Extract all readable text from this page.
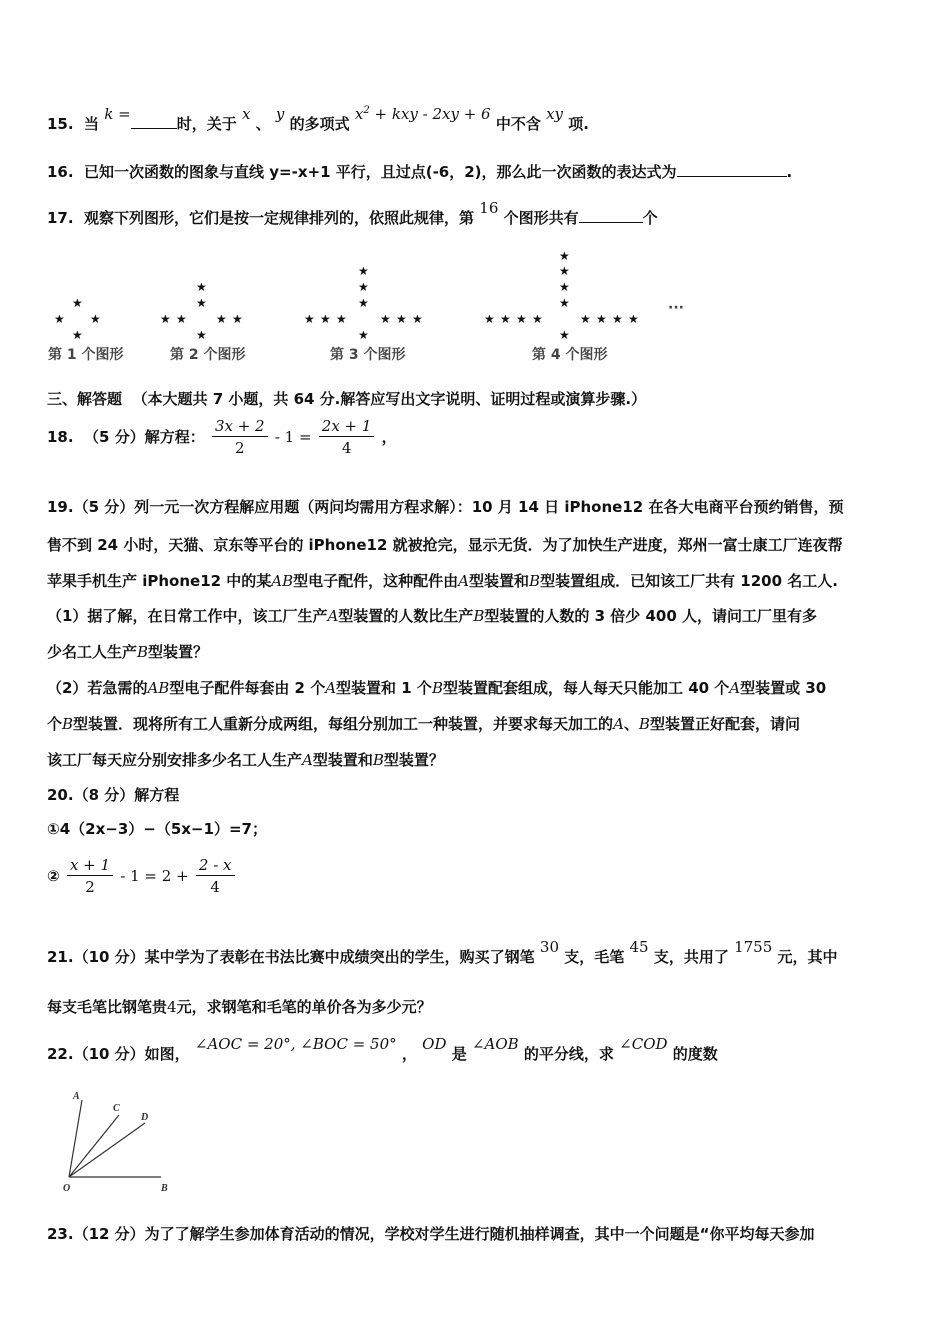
15. 当 k =时，关于 x 、 y 的多项式 $x^2$ + kxy - 2xy + 6 中不含 xy 项.
16. 已知一次函数的图象与直线 y=-x+1 平行，且过点(-6，2)，那么此一次函数的表达式为	.
17. 观察下列图形，它们是按一定规律排列的，依照此规律，第 16 个图形共有	个
★
★ ★
★
★
★
★ ★ ★ ★
★
★
★
★
★ ★ ★	★ ★ ★
★
★
★
★
★
★ ★ ★ ★	★ ★ ★ ★
★
···
第 1 个图形	第 2 个图形	第 3 个图形	第 4 个图形
三、解答题 （本大题共 7 小题，共 64 分.解答应写出文字说明、证明过程或演算步骤.）
18. （5 分）解方程： $\frac{3x + 2}{2} - 1 = \frac{2x + 1}{4}$ ，
19.（5 分）列一元一次方程解应用题（两问均需用方程求解）：10 月 14 日 iPhone12 在各大电商平台预约销售，预
售不到 24 小时，天猫、京东等平台的 iPhone12 就被抢完，显示无货．为了加快生产进度，郑州一富士康工厂连夜帮
苹果手机生产 iPhone12 中的某AB型电子配件，这种配件由A型装置和B型装置组成．已知该工厂共有 1200 名工人.
（1）据了解，在日常工作中，该工厂生产A型装置的人数比生产B型装置的人数的 3 倍少 400 人，请问工厂里有多
少名工人生产B型装置？
（2）若急需的AB型电子配件每套由 2 个A型装置和 1 个B型装置配套组成，每人每天只能加工 40 个A型装置或 30
个B型装置．现将所有工人重新分成两组，每组分别加工一种装置，并要求每天加工的A、B型装置正好配套，请问
该工厂每天应分别安排多少名工人生产A型装置和B型装置？
20.（8 分）解方程
①4（2x−3）−（5x−1）=7；
② $\frac{x + 1}{2} - 1 = 2 + \frac{2 - x}{4}$
21.（10 分）某中学为了表彰在书法比赛中成绩突出的学生，购买了钢笔 30 支，毛笔 45 支，共用了 1755 元，其中
每支毛笔比钢笔贵4元，求钢笔和毛笔的单价各为多少元？
22.（10 分）如图， ∠AOC = 20°, ∠BOC = 50° ， OD 是 ∠AOB 的平分线，求 ∠COD 的度数
A
C
D
O	B
23.（12 分）为了了解学生参加体育活动的情况，学校对学生进行随机抽样调查，其中一个问题是“你平均每天参加
